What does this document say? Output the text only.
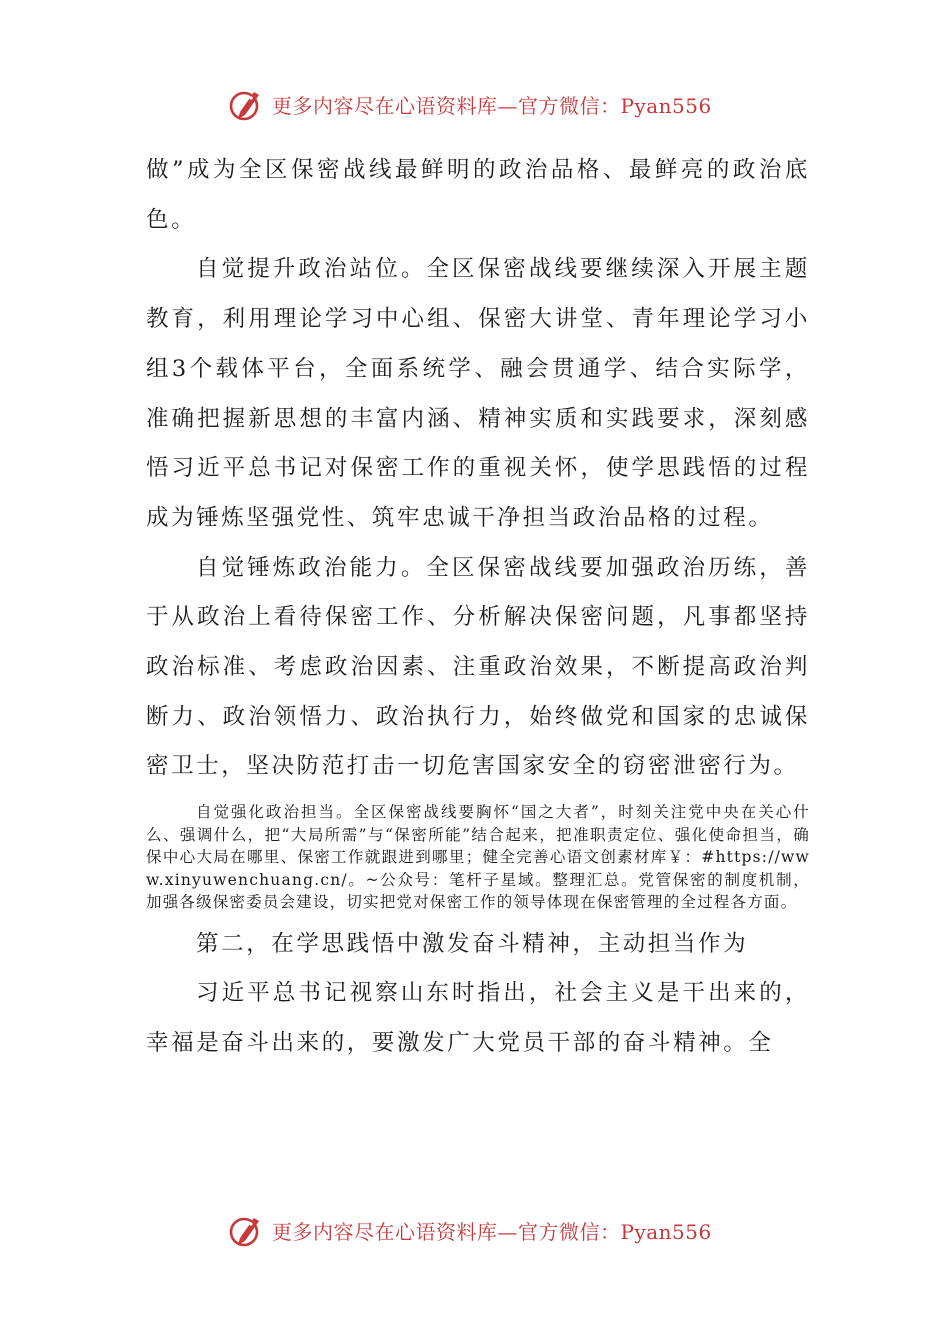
更多内容尽在心语资料库—官方微信：Pyan556

做”成为全区保密战线最鲜明的政治品格、最鲜亮的政治底色。

自觉提升政治站位。全区保密战线要继续深入开展主题教育，利用理论学习中心组、保密大讲堂、青年理论学习小组3个载体平台，全面系统学、融会贯通学、结合实际学，准确把握新思想的丰富内涵、精神实质和实践要求，深刻感悟习近平总书记对保密工作的重视关怀，使学思践悟的过程成为锤炼坚强党性、筑牢忠诚干净担当政治品格的过程。

自觉锤炼政治能力。全区保密战线要加强政治历练，善于从政治上看待保密工作、分析解决保密问题，凡事都坚持政治标准、考虑政治因素、注重政治效果，不断提高政治判断力、政治领悟力、政治执行力，始终做党和国家的忠诚保密卫士，坚决防范打击一切危害国家安全的窃密泄密行为。

自觉强化政治担当。全区保密战线要胸怀“国之大者”，时刻关注党中央在关心什么、强调什么，把“大局所需”与“保密所能”结合起来，把准职责定位、强化使命担当，确保中心大局在哪里、保密工作就跟进到哪里；健全完善心语文创素材库￥：#https://www.xinyuwenchuang.cn/。~公众号：笔杆子星域。整理汇总。党管保密的制度机制，加强各级保密委员会建设，切实把党对保密工作的领导体现在保密管理的全过程各方面。

第二，在学思践悟中激发奋斗精神，主动担当作为

习近平总书记视察山东时指出，社会主义是干出来的，幸福是奋斗出来的，要激发广大党员干部的奋斗精神。全

更多内容尽在心语资料库—官方微信：Pyan556
